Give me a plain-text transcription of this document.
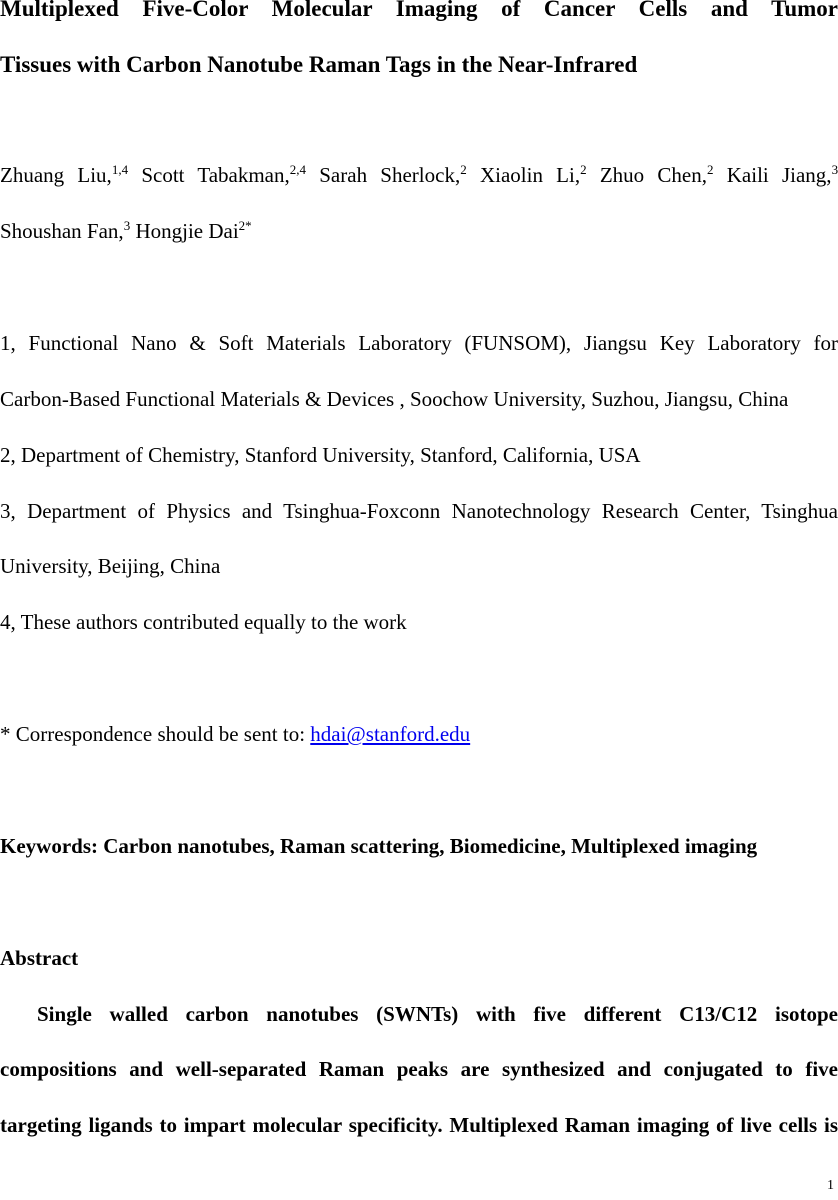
Multiplexed Five-Color Molecular Imaging of Cancer Cells and Tumor
Tissues with Carbon Nanotube Raman Tags in the Near-Infrared
Zhuang Liu,$^{1,4}$ Scott Tabakman,$^{2,4}$ Sarah Sherlock,$^2$ Xiaolin Li,$^2$ Zhuo Chen,$^2$ Kaili Jiang,$^3$
Shoushan Fan,$^3$ Hongjie Dai$^{2*}$
1, Functional Nano & Soft Materials Laboratory (FUNSOM), Jiangsu Key Laboratory for
Carbon-Based Functional Materials & Devices , Soochow University, Suzhou, Jiangsu, China
2, Department of Chemistry, Stanford University, Stanford, California, USA
3, Department of Physics and Tsinghua-Foxconn Nanotechnology Research Center, Tsinghua
University, Beijing, China
4, These authors contributed equally to the work
* Correspondence should be sent to: hdai@stanford.edu
Keywords: Carbon nanotubes, Raman scattering, Biomedicine, Multiplexed imaging
Abstract
Single walled carbon nanotubes (SWNTs) with five different C13/C12 isotope
compositions and well-separated Raman peaks are synthesized and conjugated to five
targeting ligands to impart molecular specificity. Multiplexed Raman imaging of live cells is
1
